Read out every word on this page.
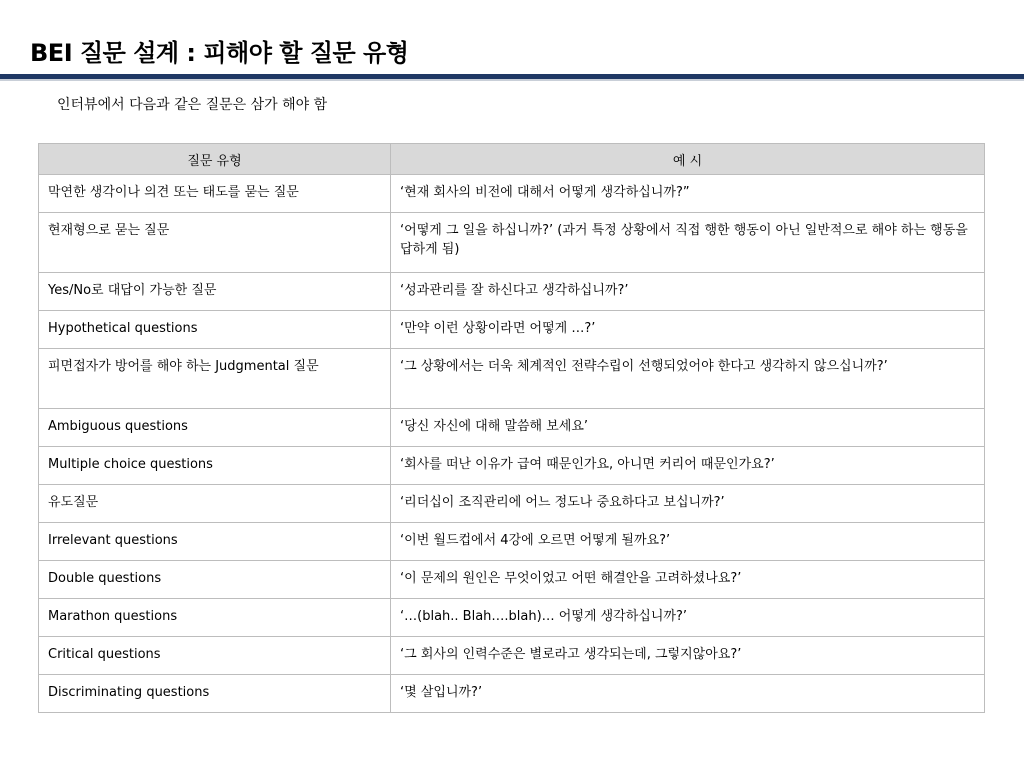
BEI 질문 설계 : 피해야 할 질문 유형
인터뷰에서 다음과 같은 질문은 삼가 해야 함
질문 유형	예 시
막연한 생각이나 의견 또는 태도를 묻는 질문	‘현재 회사의 비전에 대해서 어떻게 생각하십니까?”
현재형으로 묻는 질문	‘어떻게 그 일을 하십니까?’ (과거 특정 상황에서 직접 행한 행동이 아닌 일반적으로 해야 하는 행동을 답하게 됨)
Yes/No로 대답이 가능한 질문	‘성과관리를 잘 하신다고 생각하십니까?’
Hypothetical questions	‘만약 이런 상황이라면 어떻게 …?’
피면접자가 방어를 해야 하는 Judgmental 질문	‘그 상황에서는 더욱 체계적인 전략수립이 선행되었어야 한다고 생각하지 않으십니까?’
Ambiguous questions	‘당신 자신에 대해 말씀해 보세요’
Multiple choice questions	‘회사를 떠난 이유가 급여 때문인가요, 아니면 커리어 때문인가요?’
유도질문	‘리더십이 조직관리에 어느 정도나 중요하다고 보십니까?’
Irrelevant questions	‘이번 월드컵에서 4강에 오르면 어떻게 될까요?’
Double questions	‘이 문제의 원인은 무엇이었고 어떤 해결안을 고려하셨나요?’
Marathon questions	‘…(blah.. Blah….blah)… 어떻게 생각하십니까?’
Critical questions	‘그 회사의 인력수준은 별로라고 생각되는데, 그렇지않아요?’
Discriminating questions	‘몇 살입니까?’
